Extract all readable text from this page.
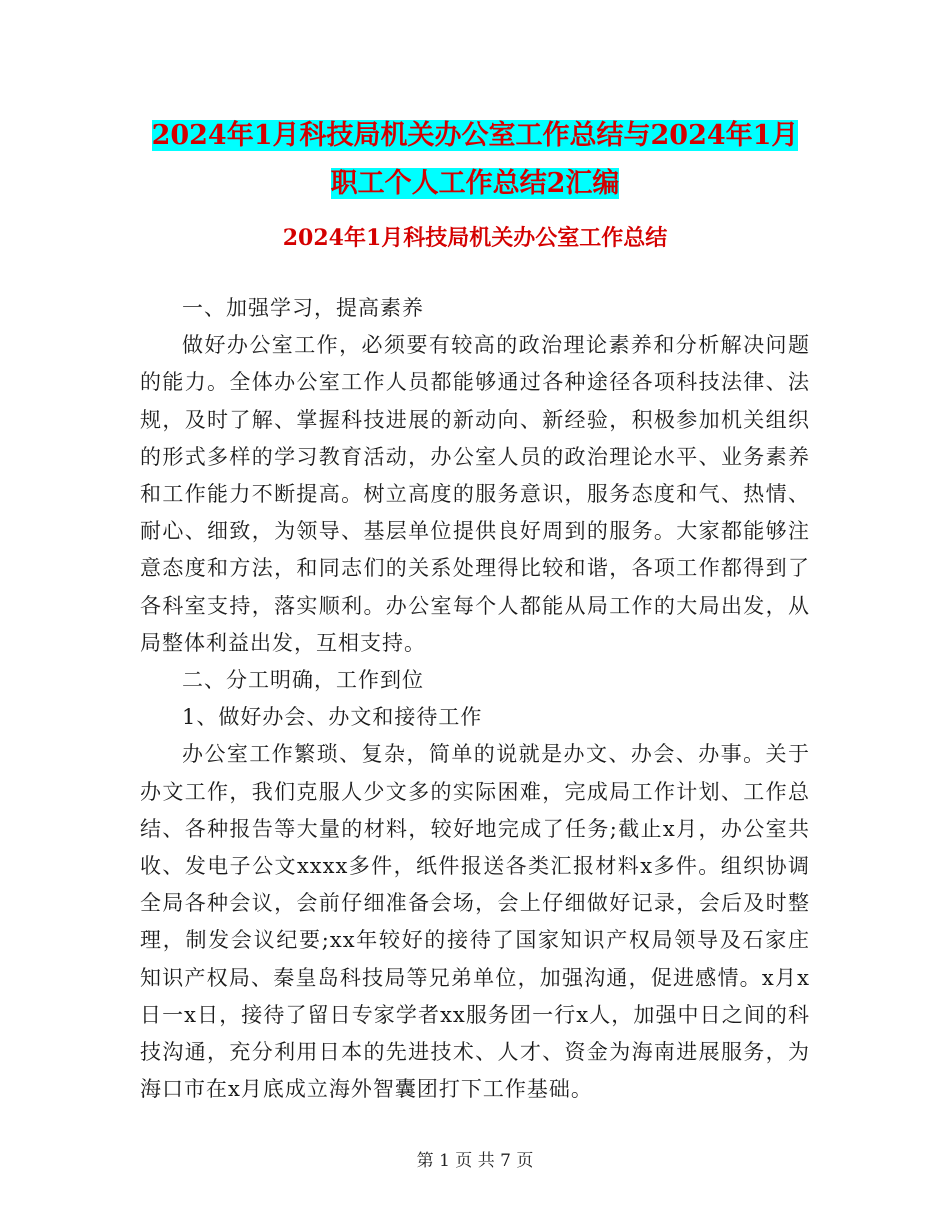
2024年1月科技局机关办公室工作总结与2024年1月
职工个人工作总结2汇编
2024年1月科技局机关办公室工作总结

一、加强学习，提高素养

做好办公室工作，必须要有较高的政治理论素养和分析解决问题的能力。全体办公室工作人员都能够通过各种途径各项科技法律、法规，及时了解、掌握科技进展的新动向、新经验，积极参加机关组织的形式多样的学习教育活动，办公室人员的政治理论水平、业务素养和工作能力不断提高。树立高度的服务意识，服务态度和气、热情、耐心、细致，为领导、基层单位提供良好周到的服务。大家都能够注意态度和方法，和同志们的关系处理得比较和谐，各项工作都得到了各科室支持，落实顺利。办公室每个人都能从局工作的大局出发，从局整体利益出发，互相支持。

二、分工明确，工作到位

1、做好办会、办文和接待工作

办公室工作繁琐、复杂，简单的说就是办文、办会、办事。关于办文工作，我们克服人少文多的实际困难，完成局工作计划、工作总结、各种报告等大量的材料，较好地完成了任务;截止x月，办公室共收、发电子公文xxxx多件，纸件报送各类汇报材料x多件。组织协调全局各种会议，会前仔细准备会场，会上仔细做好记录，会后及时整理，制发会议纪要;xx年较好的接待了国家知识产权局领导及石家庄知识产权局、秦皇岛科技局等兄弟单位，加强沟通，促进感情。x月x日一x日，接待了留日专家学者xx服务团一行x人，加强中日之间的科技沟通，充分利用日本的先进技术、人才、资金为海南进展服务，为海口市在x月底成立海外智囊团打下工作基础。

第 1 页 共 7 页
